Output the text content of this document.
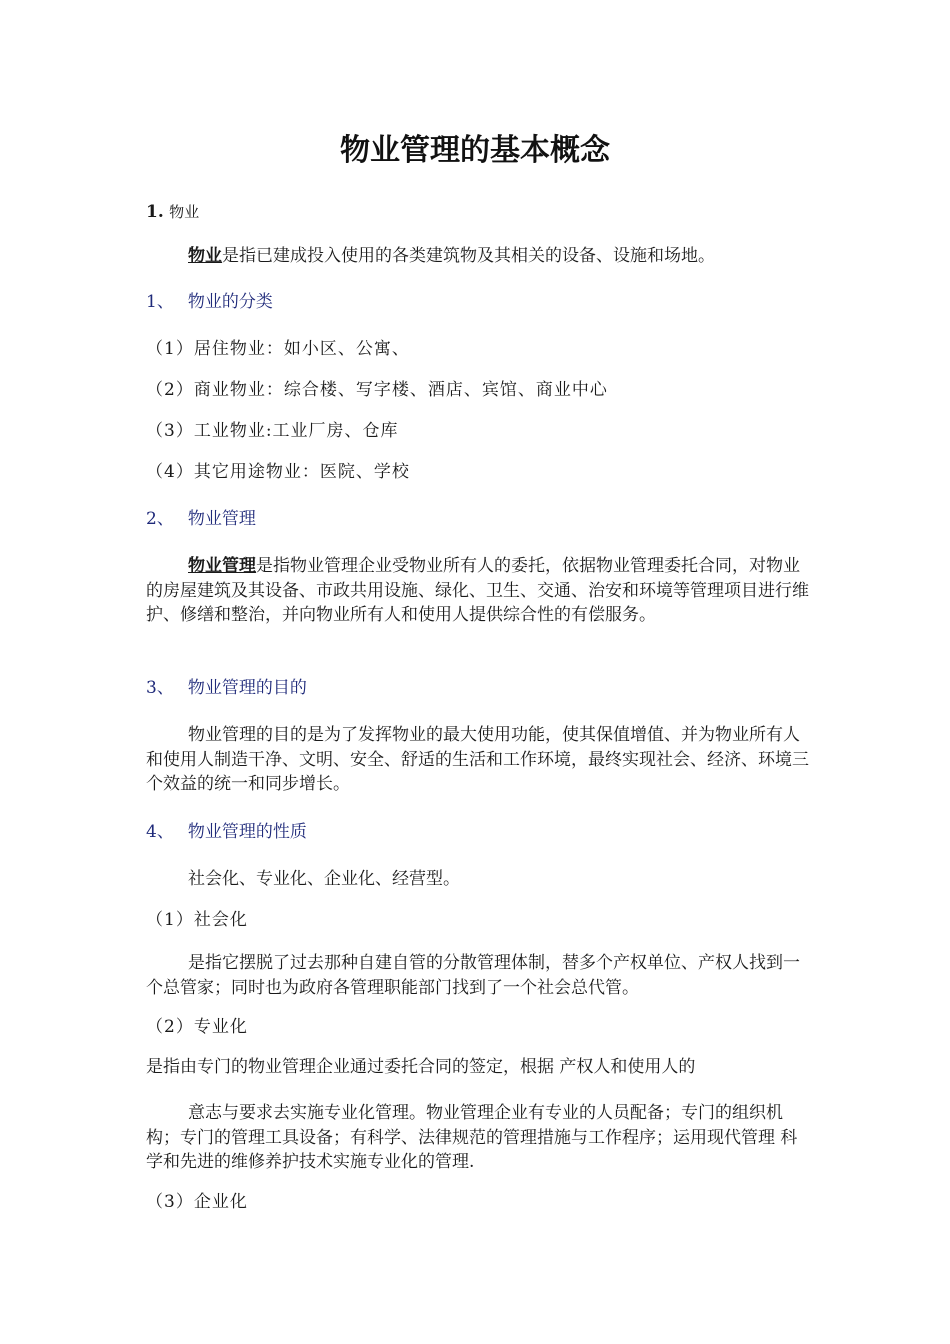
物业管理的基本概念
1. 物业
物业是指已建成投入使用的各类建筑物及其相关的设备、设施和场地。
1、 物业的分类
（1）居住物业：如小区、公寓、
（2）商业物业：综合楼、写字楼、酒店、宾馆、商业中心
（3）工业物业:工业厂房、仓库
（4）其它用途物业：医院、学校
2、 物业管理
物业管理是指物业管理企业受物业所有人的委托，依据物业管理委托合同，对物业的房屋建筑及其设备、市政共用设施、绿化、卫生、交通、治安和环境等管理项目进行维护、修缮和整治，并向物业所有人和使用人提供综合性的有偿服务。
3、 物业管理的目的
物业管理的目的是为了发挥物业的最大使用功能，使其保值增值、并为物业所有人和使用人制造干净、文明、安全、舒适的生活和工作环境，最终实现社会、经济、环境三个效益的统一和同步增长。
4、 物业管理的性质
社会化、专业化、企业化、经营型。
（1）社会化
是指它摆脱了过去那种自建自管的分散管理体制，替多个产权单位、产权人找到一个总管家；同时也为政府各管理职能部门找到了一个社会总代管。
（2）专业化
是指由专门的物业管理企业通过委托合同的签定，根据 产权人和使用人的
意志与要求去实施专业化管理。物业管理企业有专业的人员配备；专门的组织机构；专门的管理工具设备；有科学、法律规范的管理措施与工作程序；运用现代管理 科学和先进的维修养护技术实施专业化的管理.
（3）企业化
